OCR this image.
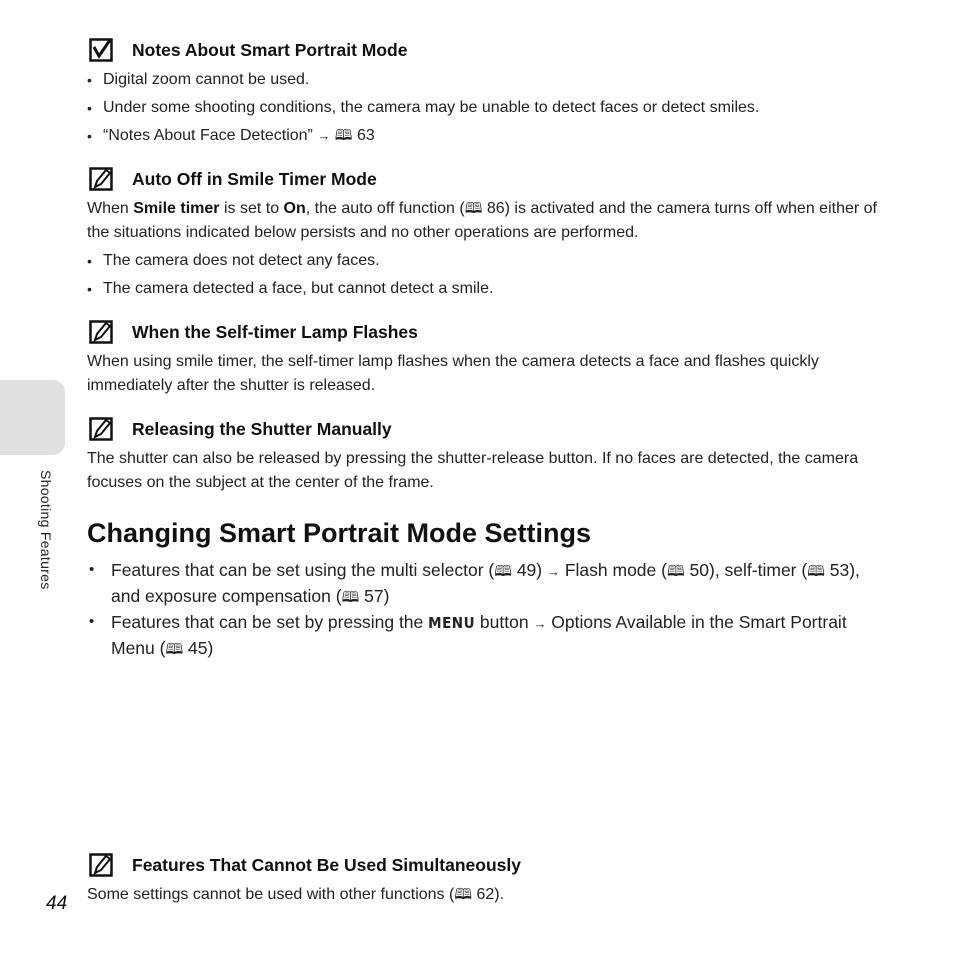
Shooting Features
Notes About Smart Portrait Mode
• Digital zoom cannot be used.
• Under some shooting conditions, the camera may be unable to detect faces or detect smiles.
• “Notes About Face Detection” → 🕮 63
Auto Off in Smile Timer Mode

When Smile timer is set to On, the auto off function (🕮 86) is activated and the camera turns off when either of the situations indicated below persists and no other operations are performed.

• The camera does not detect any faces.
• The camera detected a face, but cannot detect a smile.
When the Self-timer Lamp Flashes

When using smile timer, the self-timer lamp flashes when the camera detects a face and flashes quickly immediately after the shutter is released.

Releasing the Shutter Manually

The shutter can also be released by pressing the shutter-release button. If no faces are detected, the camera focuses on the subject at the center of the frame.

Changing Smart Portrait Mode Settings
• Features that can be set using the multi selector (🕮 49) → Flash mode (🕮 50), self-timer (🕮 53), and exposure compensation (🕮 57)
• Features that can be set by pressing the MENU button → Options Available in the Smart Portrait Menu (🕮 45)
Features That Cannot Be Used Simultaneously

Some settings cannot be used with other functions (🕮 62).

44
